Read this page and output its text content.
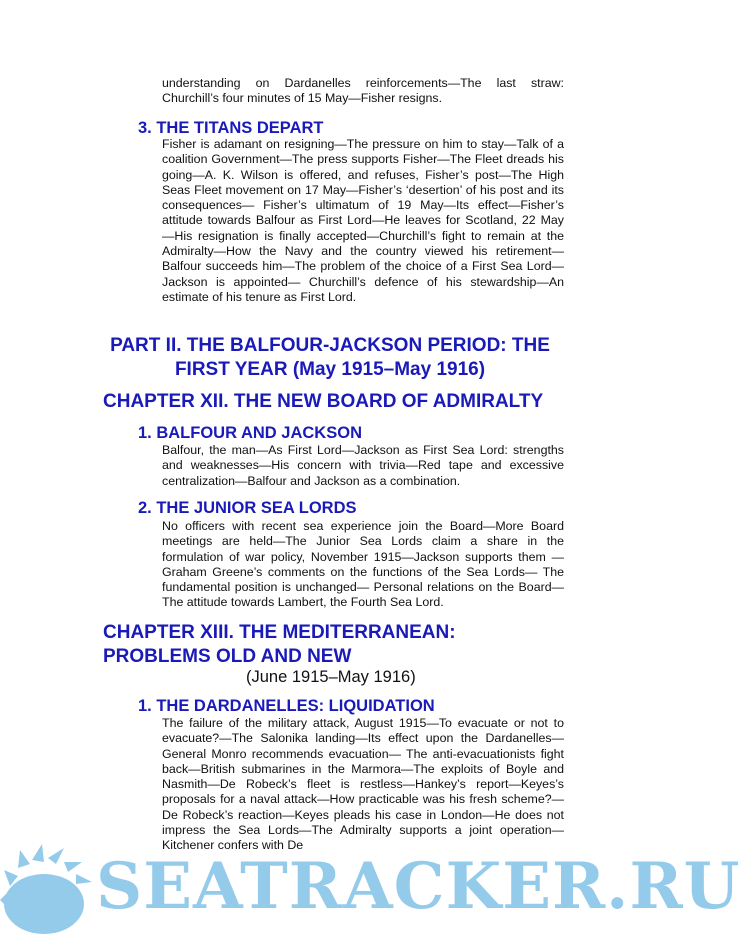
understanding on Dardanelles reinforcements—The last straw: Churchill’s four minutes of 15 May—Fisher resigns.

3. THE TITANS DEPART

Fisher is adamant on resigning—The pressure on him to stay—Talk of a coalition Government—The press supports Fisher—The Fleet dreads his going—A. K. Wilson is offered, and refuses, Fisher’s post—The High Seas Fleet movement on 17 May—Fisher’s ‘desertion’ of his post and its consequences— Fisher’s ultimatum of 19 May—Its effect—Fisher’s attitude towards Balfour as First Lord—He leaves for Scotland, 22 May —His resignation is finally accepted—Churchill’s fight to remain at the Admiralty—How the Navy and the country viewed his retirement—Balfour succeeds him—The problem of the choice of a First Sea Lord—Jackson is appointed— Churchill’s defence of his stewardship—An estimate of his tenure as First Lord.

PART II. THE BALFOUR-JACKSON PERIOD: THE
FIRST YEAR (May 1915–May 1916)
CHAPTER XII. THE NEW BOARD OF ADMIRALTY
1. BALFOUR AND JACKSON

Balfour, the man—As First Lord—Jackson as First Sea Lord: strengths and weaknesses—His concern with trivia—Red tape and excessive centralization—Balfour and Jackson as a combination.

2. THE JUNIOR SEA LORDS

No officers with recent sea experience join the Board—More Board meetings are held—The Junior Sea Lords claim a share in the formulation of war policy, November 1915—Jackson supports them —Graham Greene’s comments on the functions of the Sea Lords— The fundamental position is unchanged— Personal relations on the Board—The attitude towards Lambert, the Fourth Sea Lord.

CHAPTER XIII. THE MEDITERRANEAN:
PROBLEMS OLD AND NEW

(June 1915–May 1916)

1. THE DARDANELLES: LIQUIDATION

The failure of the military attack, August 1915—To evacuate or not to evacuate?—The Salonika landing—Its effect upon the Dardanelles—General Monro recommends evacuation— The anti-evacuationists fight back—British submarines in the Marmora—The exploits of Boyle and Nasmith—De Robeck’s fleet is restless—Hankey’s report—Keyes’s proposals for a naval attack—How practicable was his fresh scheme?—De Robeck’s reaction—Keyes pleads his case in London—He does not impress the Sea Lords—The Admiralty supports a joint operation—Kitchener confers with De

SEATRACKER.RU
